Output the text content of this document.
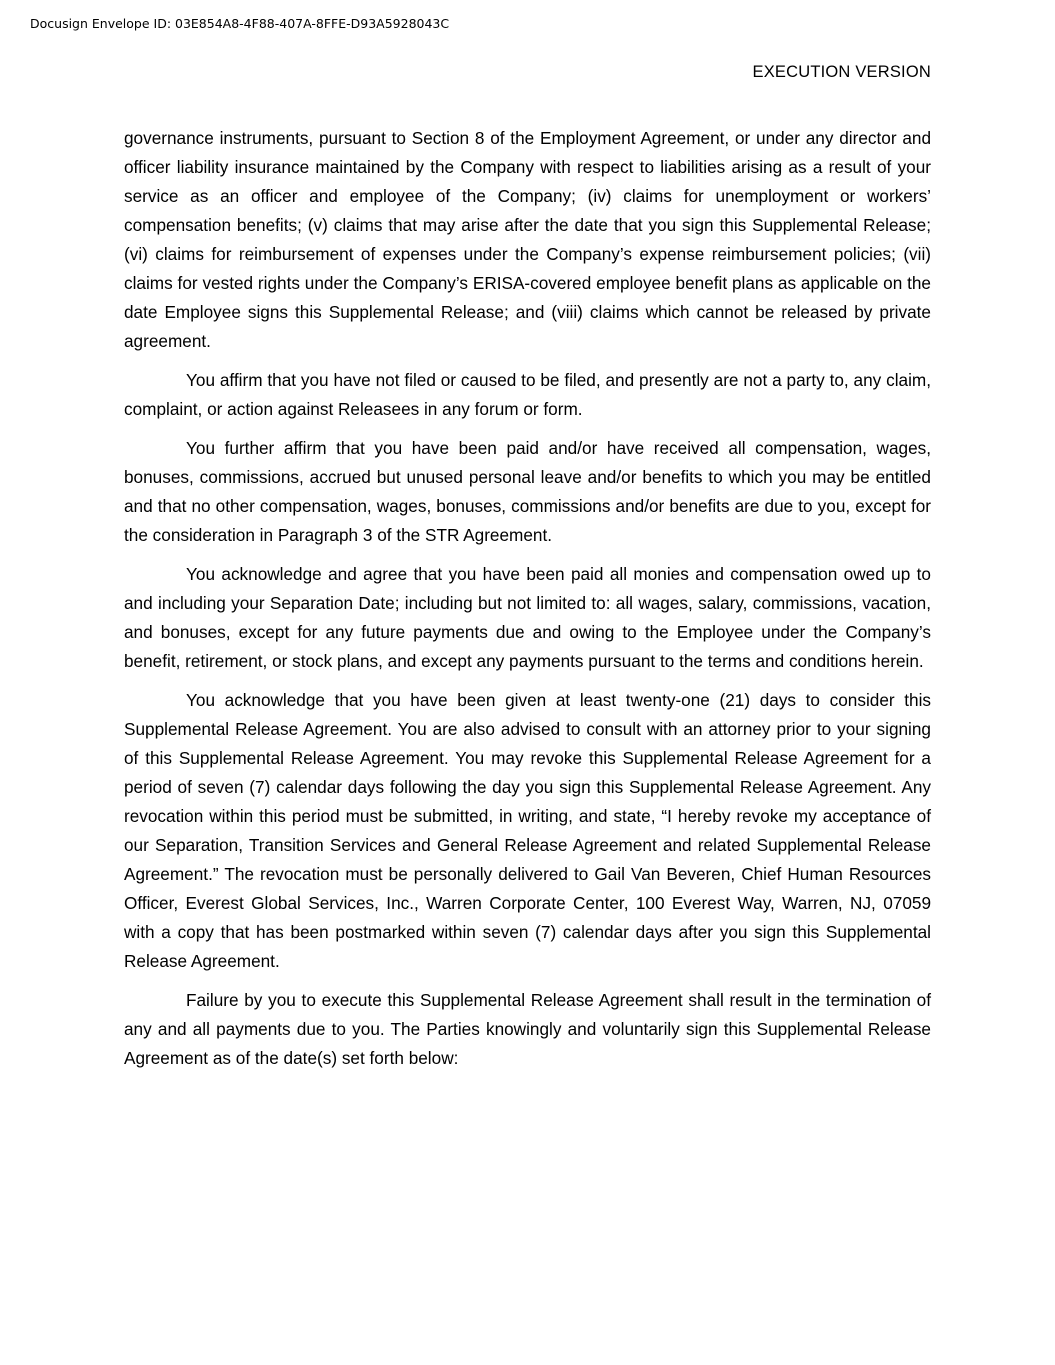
Docusign Envelope ID: 03E854A8-4F88-407A-8FFE-D93A5928043C
EXECUTION VERSION

governance instruments, pursuant to Section 8 of the Employment Agreement, or under any director and officer liability insurance maintained by the Company with respect to liabilities arising as a result of your service as an officer and employee of the Company; (iv) claims for unemployment or workers’ compensation benefits; (v) claims that may arise after the date that you sign this Supplemental Release; (vi) claims for reimbursement of expenses under the Company’s expense reimbursement policies; (vii) claims for vested rights under the Company’s ERISA-covered employee benefit plans as applicable on the date Employee signs this Supplemental Release; and (viii) claims which cannot be released by private agreement.

You affirm that you have not filed or caused to be filed, and presently are not a party to, any claim, complaint, or action against Releasees in any forum or form.

You further affirm that you have been paid and/or have received all compensation, wages, bonuses, commissions, accrued but unused personal leave and/or benefits to which you may be entitled and that no other compensation, wages, bonuses, commissions and/or benefits are due to you, except for the consideration in Paragraph 3 of the STR Agreement.

You acknowledge and agree that you have been paid all monies and compensation owed up to and including your Separation Date; including but not limited to: all wages, salary, commissions, vacation, and bonuses, except for any future payments due and owing to the Employee under the Company’s benefit, retirement, or stock plans, and except any payments pursuant to the terms and conditions herein.

You acknowledge that you have been given at least twenty-one (21) days to consider this Supplemental Release Agreement. You are also advised to consult with an attorney prior to your signing of this Supplemental Release Agreement. You may revoke this Supplemental Release Agreement for a period of seven (7) calendar days following the day you sign this Supplemental Release Agreement. Any revocation within this period must be submitted, in writing, and state, “I hereby revoke my acceptance of our Separation, Transition Services and General Release Agreement and related Supplemental Release Agreement.” The revocation must be personally delivered to Gail Van Beveren, Chief Human Resources Officer, Everest Global Services, Inc., Warren Corporate Center, 100 Everest Way, Warren, NJ, 07059 with a copy that has been postmarked within seven (7) calendar days after you sign this Supplemental Release Agreement.

Failure by you to execute this Supplemental Release Agreement shall result in the termination of any and all payments due to you. The Parties knowingly and voluntarily sign this Supplemental Release Agreement as of the date(s) set forth below:
